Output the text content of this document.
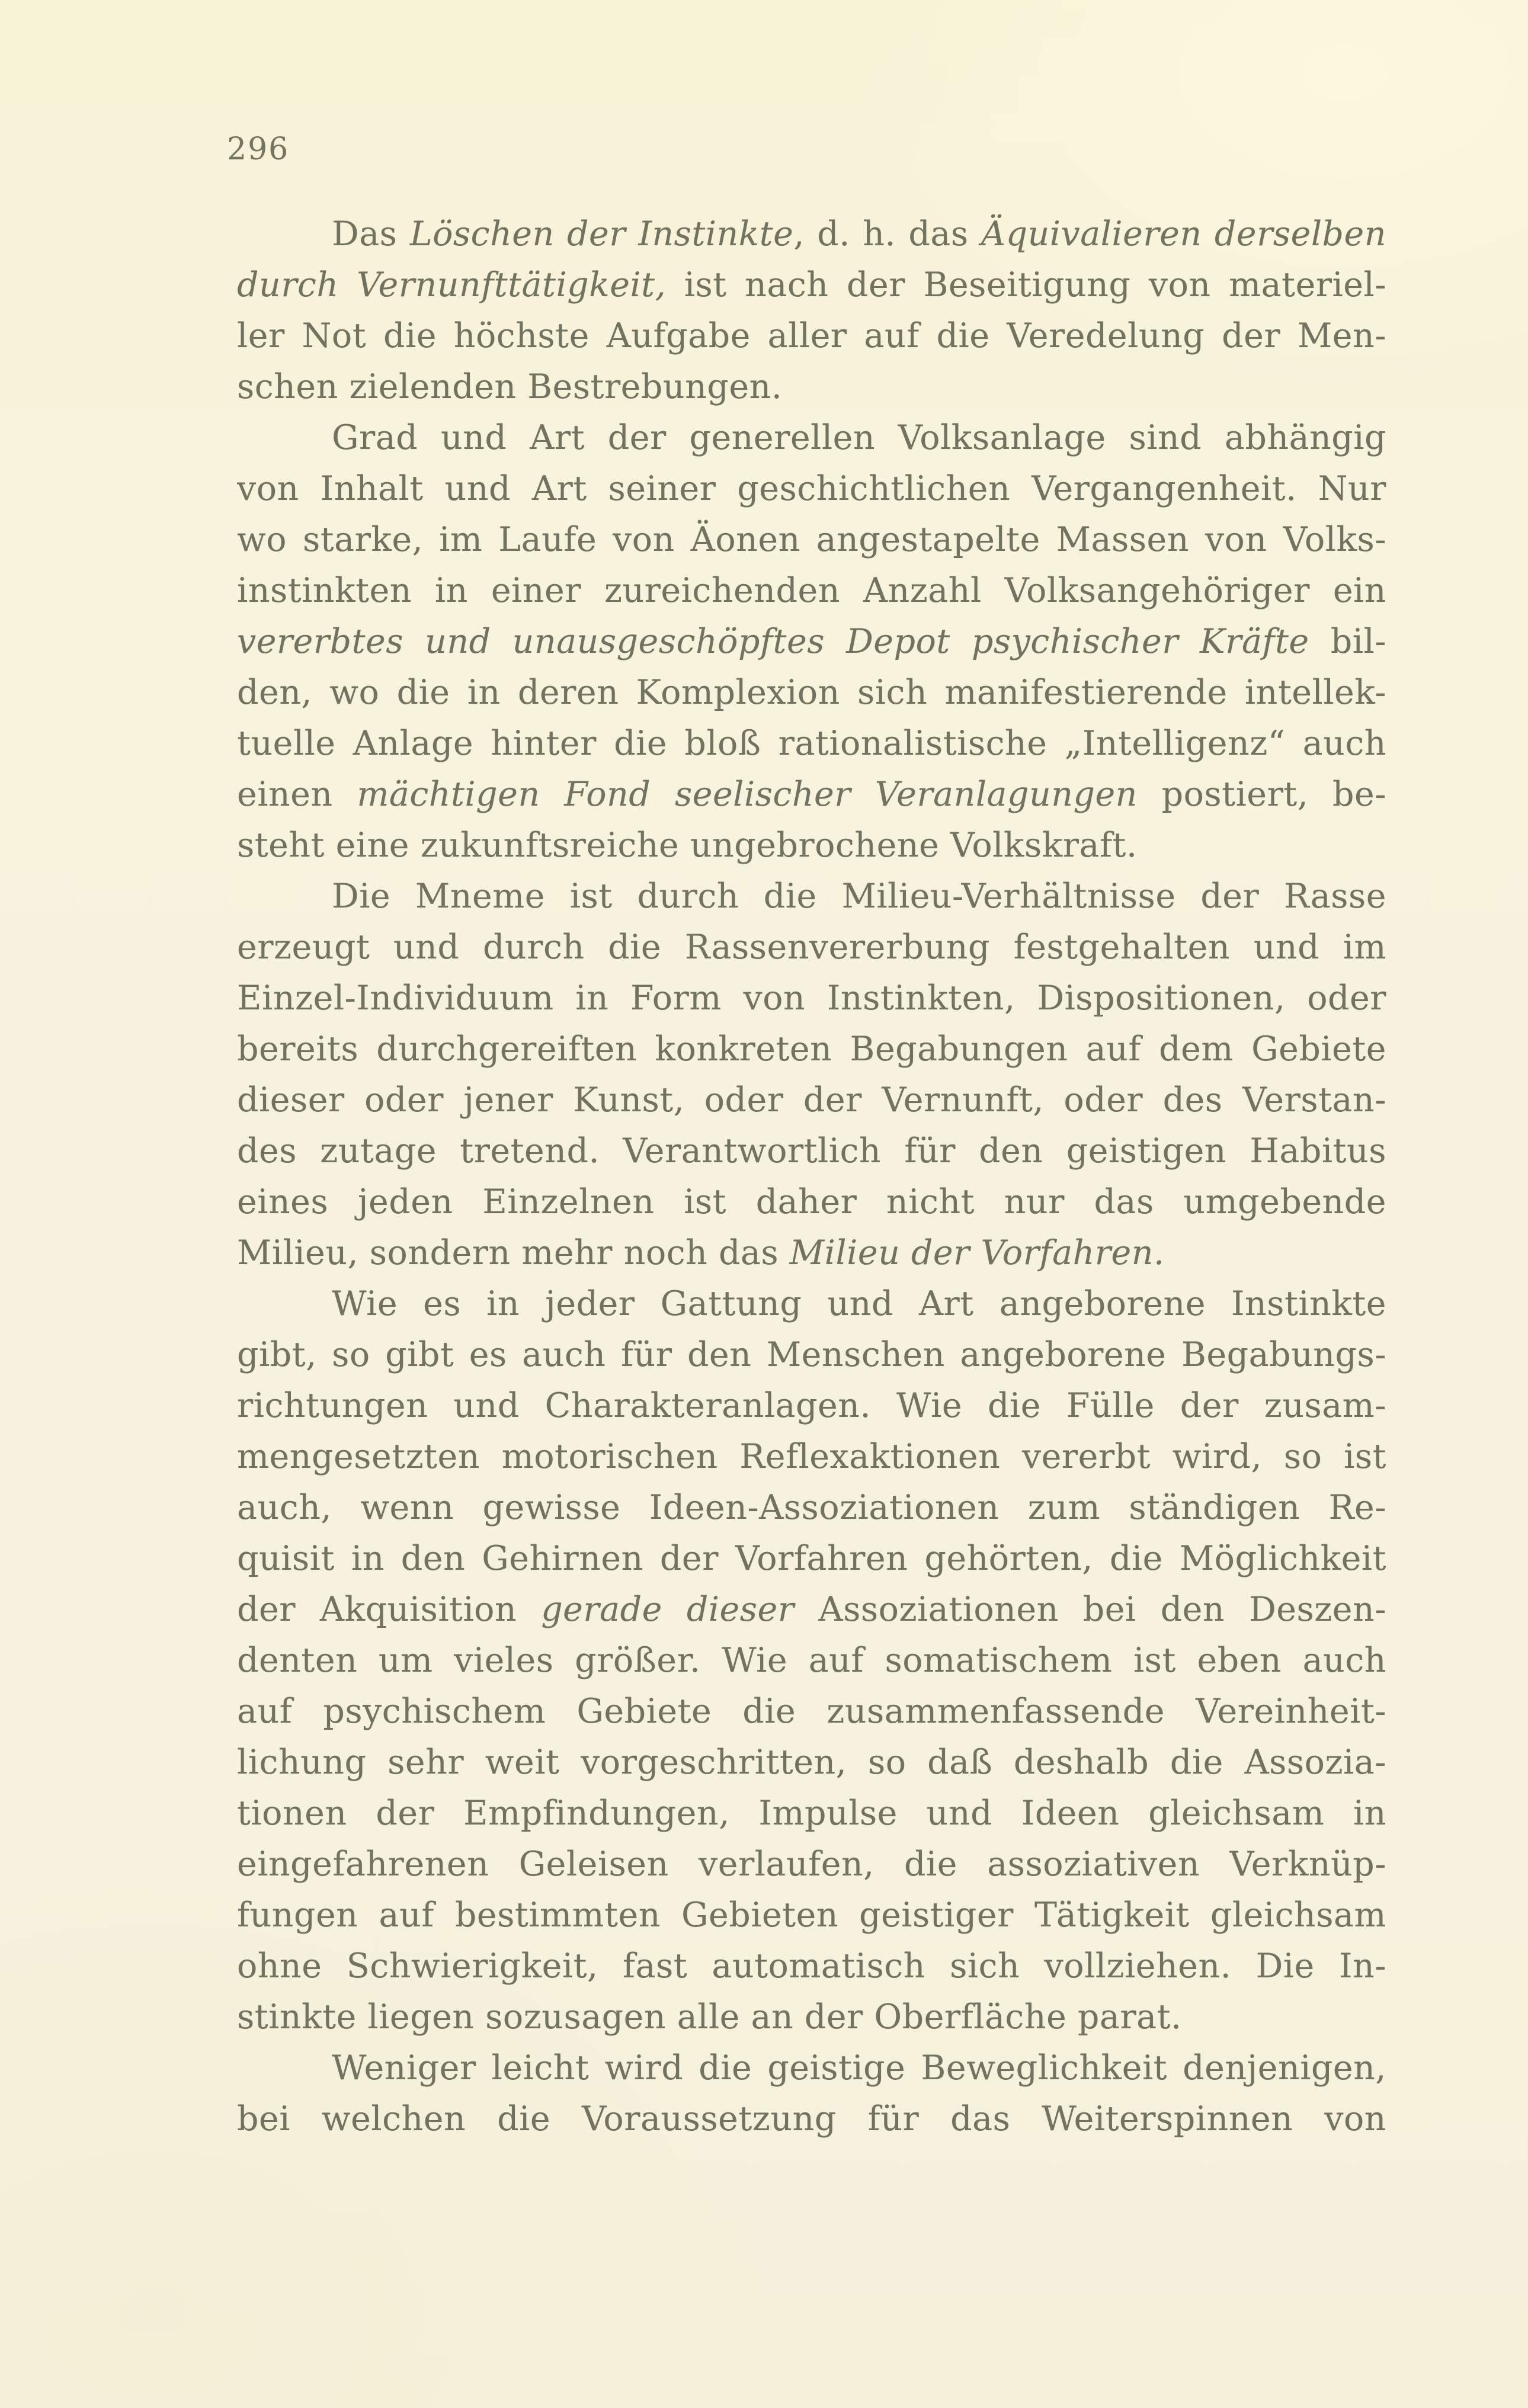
296
Das Löschen der Instinkte, d. h. das Äquivalieren derselben
durch Vernunfttätigkeit, ist nach der Beseitigung von materiel-
ler Not die höchste Aufgabe aller auf die Veredelung der Men-
schen zielenden Bestrebungen.
Grad und Art der generellen Volksanlage sind abhängig
von Inhalt und Art seiner geschichtlichen Vergangenheit. Nur
wo starke, im Laufe von Äonen angestapelte Massen von Volks-
instinkten in einer zureichenden Anzahl Volksangehöriger ein
vererbtes und unausgeschöpftes Depot psychischer Kräfte bil-
den, wo die in deren Komplexion sich manifestierende intellek-
tuelle Anlage hinter die bloß rationalistische „Intelligenz“ auch
einen mächtigen Fond seelischer Veranlagungen postiert, be-
steht eine zukunftsreiche ungebrochene Volkskraft.
Die Mneme ist durch die Milieu-Verhältnisse der Rasse
erzeugt und durch die Rassenvererbung festgehalten und im
Einzel-Individuum in Form von Instinkten, Dispositionen, oder
bereits durchgereiften konkreten Begabungen auf dem Gebiete
dieser oder jener Kunst, oder der Vernunft, oder des Verstan-
des zutage tretend. Verantwortlich für den geistigen Habitus
eines jeden Einzelnen ist daher nicht nur das umgebende
Milieu, sondern mehr noch das Milieu der Vorfahren.
Wie es in jeder Gattung und Art angeborene Instinkte
gibt, so gibt es auch für den Menschen angeborene Begabungs-
richtungen und Charakteranlagen. Wie die Fülle der zusam-
mengesetzten motorischen Reflexaktionen vererbt wird, so ist
auch, wenn gewisse Ideen-Assoziationen zum ständigen Re-
quisit in den Gehirnen der Vorfahren gehörten, die Möglichkeit
der Akquisition gerade dieser Assoziationen bei den Deszen-
denten um vieles größer. Wie auf somatischem ist eben auch
auf psychischem Gebiete die zusammenfassende Vereinheit-
lichung sehr weit vorgeschritten, so daß deshalb die Assozia-
tionen der Empfindungen, Impulse und Ideen gleichsam in
eingefahrenen Geleisen verlaufen, die assoziativen Verknüp-
fungen auf bestimmten Gebieten geistiger Tätigkeit gleichsam
ohne Schwierigkeit, fast automatisch sich vollziehen. Die In-
stinkte liegen sozusagen alle an der Oberfläche parat.
Weniger leicht wird die geistige Beweglichkeit denjenigen,
bei welchen die Voraussetzung für das Weiterspinnen von
